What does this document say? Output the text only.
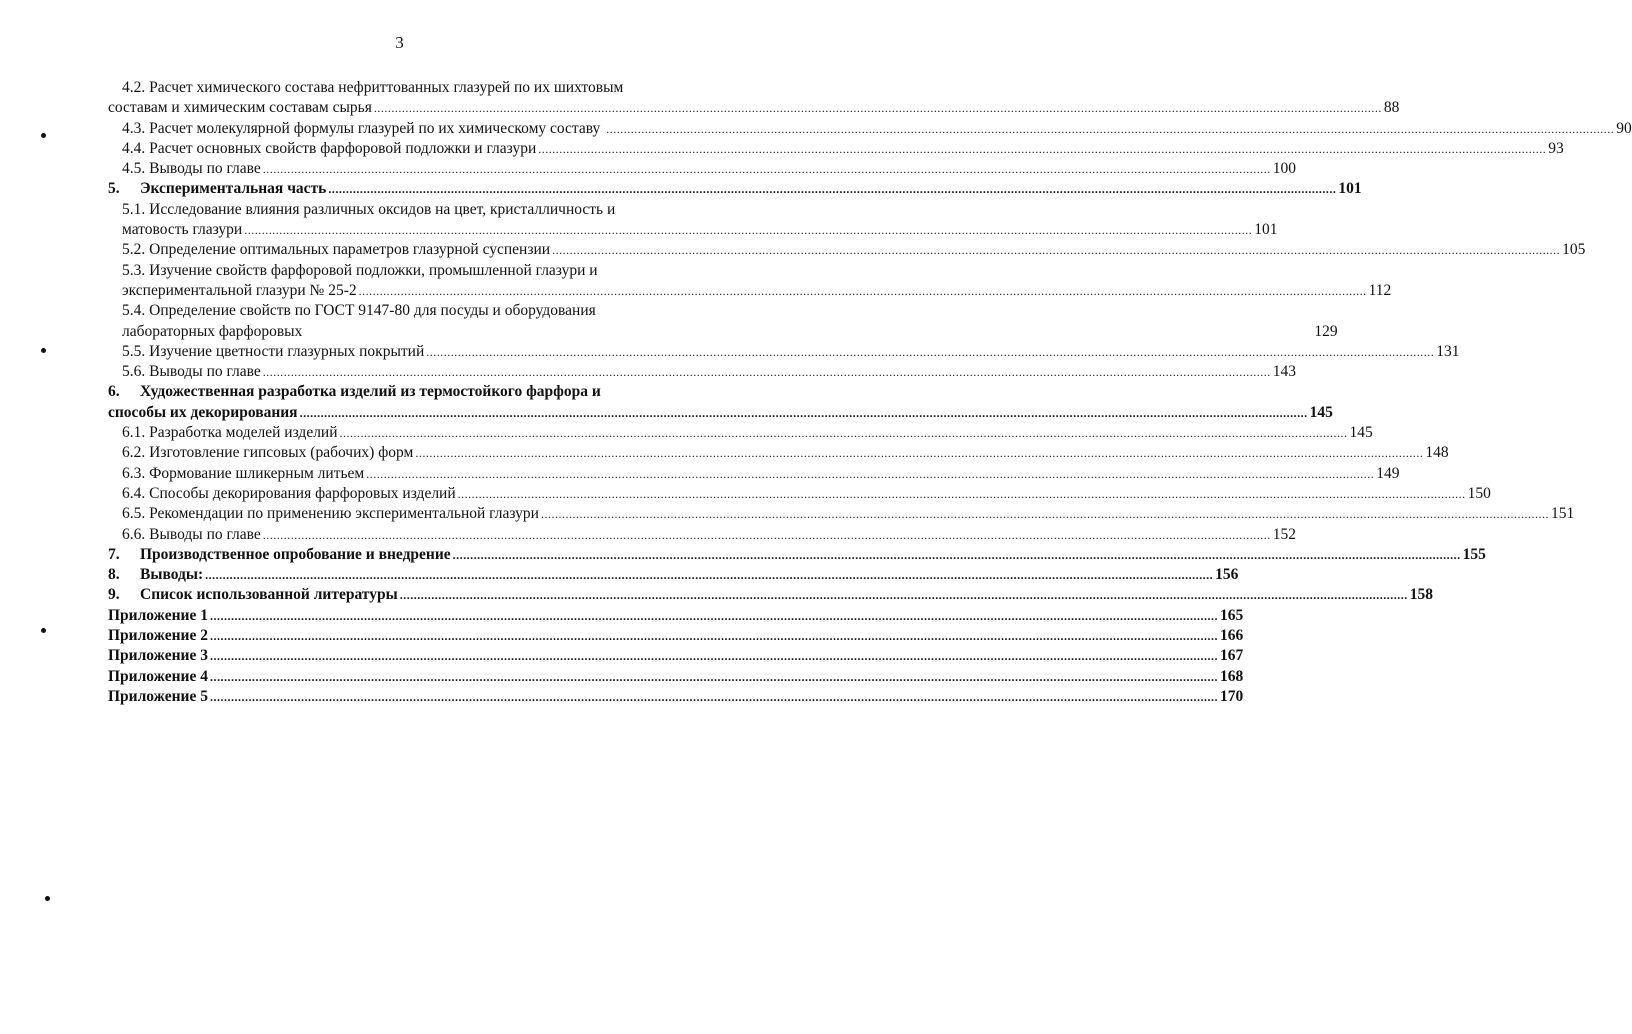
3
4.2. Расчет химического состава нефриттованных глазурей по их шихтовым
составам и химическим составам сырья .....	88
4.3. Расчет молекулярной формулы глазурей по их химическому составу .....	90
4.4. Расчет основных свойств фарфоровой подложки и глазури .....	93
4.5. Выводы по главе .....	100
5. Экспериментальная часть .....	101
5.1. Исследование влияния различных оксидов на цвет, кристалличность и
матовость глазури .....	101
5.2. Определение оптимальных параметров глазурной суспензии .....	105
5.3. Изучение свойств фарфоровой подложки, промышленной глазури и
экспериментальной глазури № 25-2 .....	112
5.4. Определение свойств по ГОСТ 9147-80 для посуды и оборудования
лабораторных фарфоровых	129
5.5. Изучение цветности глазурных покрытий .....	131
5.6. Выводы по главе .....	143
6. Художественная разработка изделий из термостойкого фарфора и
способы их декорирования .....	145
6.1. Разработка моделей изделий .....	145
6.2. Изготовление гипсовых (рабочих) форм .....	148
6.3. Формование шликерным литьем .....	149
6.4. Способы декорирования фарфоровых изделий .....	150
6.5. Рекомендации по применению экспериментальной глазури .....	151
6.6. Выводы по главе .....	152
7. Производственное опробование и внедрение .....	155
8. Выводы: .....	156
9. Список использованной литературы .....	158
Приложение 1 .....	165
Приложение 2 .....	166
Приложение 3 .....	167
Приложение 4 .....	168
Приложение 5 .....	170
